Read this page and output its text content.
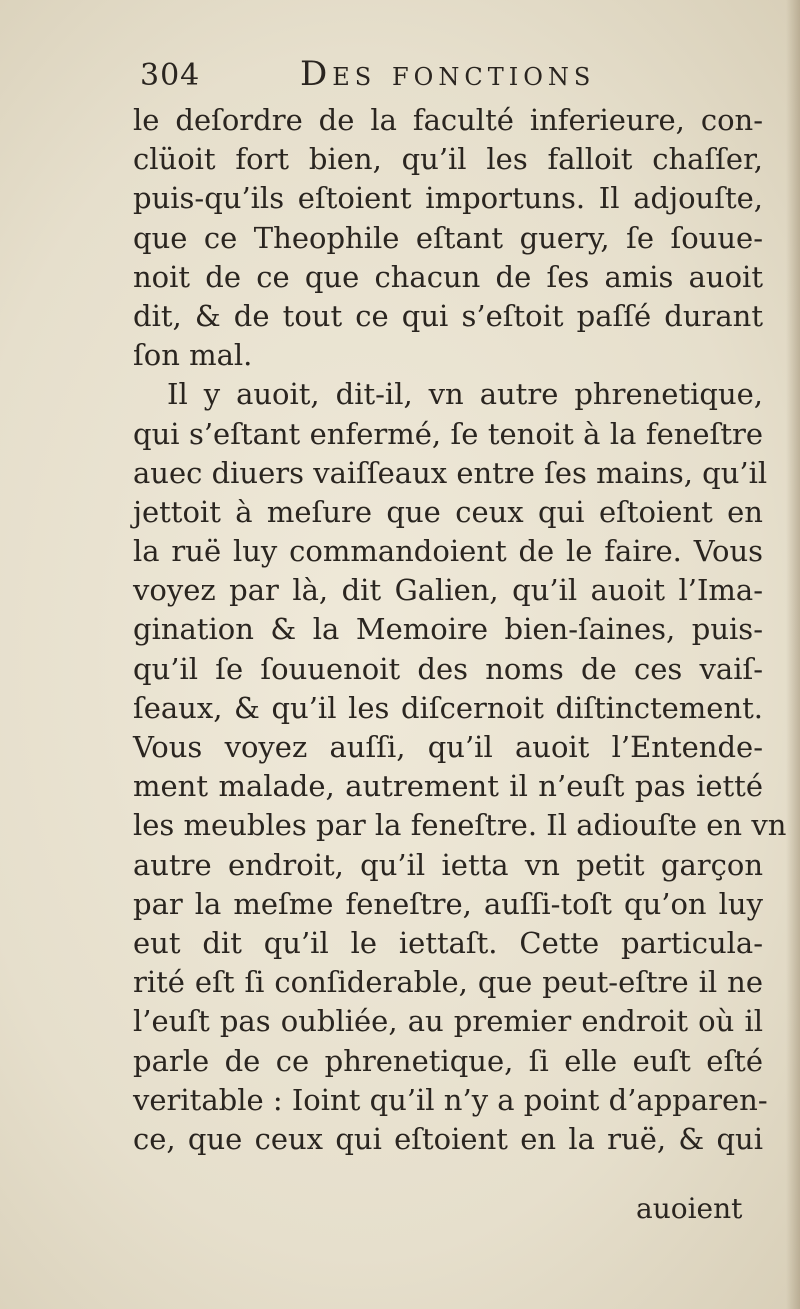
304	Des fonctions
le deſordre de la faculté inferieure, con-
clüoit fort bien, qu’il les falloit chaſſer,
puis-qu’ils eſtoient importuns. Il adjouſte,
que ce Theophile eſtant guery, ſe ſouue-
noit de ce que chacun de ſes amis auoit
dit, & de tout ce qui s’eſtoit paſſé durant
ſon mal.
Il y auoit, dit-il, vn autre phrenetique,
qui s’eſtant enfermé, ſe tenoit à la feneſtre
auec diuers vaiſſeaux entre ſes mains, qu’il
jettoit à meſure que ceux qui eſtoient en
la ruë luy commandoient de le faire. Vous
voyez par là, dit Galien, qu’il auoit l’Ima-
gination & la Memoire bien-ſaines, puis-
qu’il ſe ſouuenoit des noms de ces vaiſ-
ſeaux, & qu’il les diſcernoit diſtinctement.
Vous voyez auſſi, qu’il auoit l’Entende-
ment malade, autrement il n’euſt pas ietté
les meubles par la feneſtre. Il adiouſte en vn
autre endroit, qu’il ietta vn petit garçon
par la meſme feneſtre, auſſi-toſt qu’on luy
eut dit qu’il le iettaſt. Cette particula-
rité eſt ſi conſiderable, que peut-eſtre il ne
l’euſt pas oubliée, au premier endroit où il
parle de ce phrenetique, ſi elle euſt eſté
veritable : Ioint qu’il n’y a point d’apparen-
ce, que ceux qui eſtoient en la ruë, & qui
auoient
